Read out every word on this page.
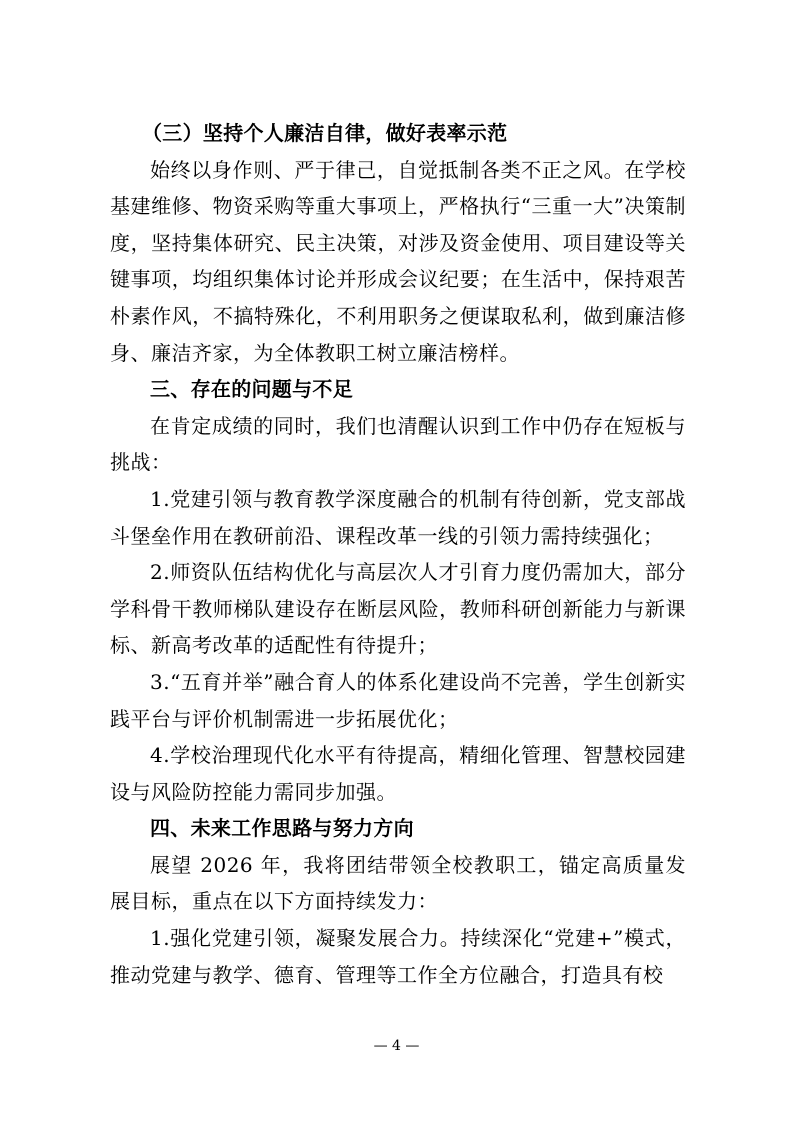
（三）坚持个人廉洁自律，做好表率示范

始终以身作则、严于律己，自觉抵制各类不正之风。在学校基建维修、物资采购等重大事项上，严格执行“三重一大”决策制度，坚持集体研究、民主决策，对涉及资金使用、项目建设等关键事项，均组织集体讨论并形成会议纪要；在生活中，保持艰苦朴素作风，不搞特殊化，不利用职务之便谋取私利，做到廉洁修身、廉洁齐家，为全体教职工树立廉洁榜样。

三、存在的问题与不足

在肯定成绩的同时，我们也清醒认识到工作中仍存在短板与挑战：

1.党建引领与教育教学深度融合的机制有待创新，党支部战斗堡垒作用在教研前沿、课程改革一线的引领力需持续强化；

2.师资队伍结构优化与高层次人才引育力度仍需加大，部分学科骨干教师梯队建设存在断层风险，教师科研创新能力与新课标、新高考改革的适配性有待提升；

3.“五育并举”融合育人的体系化建设尚不完善，学生创新实践平台与评价机制需进一步拓展优化；

4.学校治理现代化水平有待提高，精细化管理、智慧校园建设与风险防控能力需同步加强。

四、未来工作思路与努力方向

展望 2026 年，我将团结带领全校教职工，锚定高质量发展目标，重点在以下方面持续发力：

1.强化党建引领，凝聚发展合力。持续深化“党建+”模式，推动党建与教学、德育、管理等工作全方位融合，打造具有校

— 4 —
